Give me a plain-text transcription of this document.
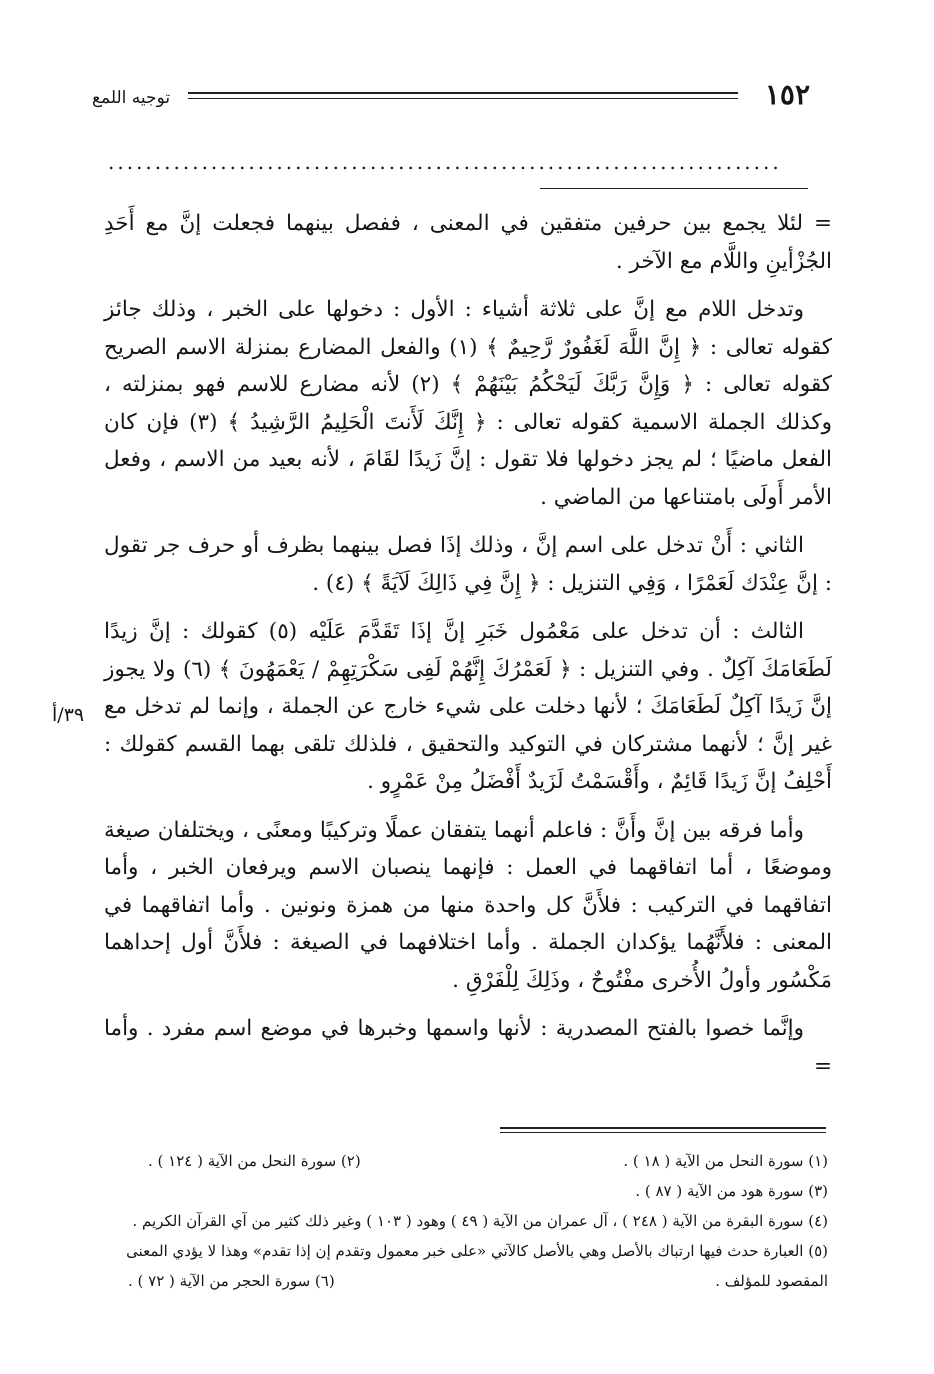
١٥٢
توجيه اللمع
........................................................................

= لئلا يجمع بين حرفين متفقين في المعنى ، ففصل بينهما فجعلت إنَّ مع أَحَدِ الجُزْأينِ واللَّام مع الآخر .

وتدخل اللام مع إنَّ على ثلاثة أشياء : الأول : دخولها على الخبر ، وذلك جائز كقوله تعالى : ﴿ إِنَّ اللَّهَ لَغَفُورٌ رَّحِيمٌ ﴾ (١) والفعل المضارع بمنزلة الاسم الصريح كقوله تعالى : ﴿ وَإِنَّ رَبَّكَ لَيَحْكُمُ بَيْنَهُمْ ﴾ (٢) لأنه مضارع للاسم فهو بمنزلته ، وكذلك الجملة الاسمية كقوله تعالى : ﴿ إِنَّكَ لَأَنتَ الْحَلِيمُ الرَّشِيدُ ﴾ (٣) فإن كان الفعل ماضيًا ؛ لم يجز دخولها فلا تقول : إنَّ زَيدًا لقَامَ ، لأنه بعيد من الاسم ، وفعل الأمر أَولَى بامتناعها من الماضي .

الثاني : أَنْ تدخل على اسم إنَّ ، وذلك إذَا فصل بينهما بظرف أو حرف جر تقول : إنَّ عِنْدَك لَعَمْرًا ، وَفِي التنزيل : ﴿ إِنَّ فِي ذَالِكَ لَآيَةً ﴾ (٤) .

الثالث : أن تدخل على مَعْمُول خَبَرِ إنَّ إذَا تَقَدَّمَ عَلَيْه (٥) كقولك : إنَّ زيدًا لَطَعَامَكَ آكِلٌ . وفي التنزيل : ﴿ لَعَمْرُكَ إِنَّهُمْ لَفِى سَكْرَتِهِمْ / يَعْمَهُونَ ﴾ (٦) ولا يجوز إنَّ زَيدًا آكِلٌ لَطَعَامَكَ ؛ لأنها دخلت على شيء خارج عن الجملة ، وإنما لم تدخل مع غير إنَّ ؛ لأنهما مشتركان في التوكيد والتحقيق ، فلذلك تلقى بهما القسم كقولك : أَحْلِفُ إنَّ زَيدًا قَائِمٌ ، وأَقْسَمْتُ لَزَيدٌ أَفْضَلُ مِنْ عَمْرٍو .

وأما فرقه بين إنَّ وأَنَّ : فاعلم أنهما يتفقان عملًا وتركيبًا ومعنًى ، ويختلفان صيغة وموضعًا ، أما اتفاقهما في العمل : فإنهما ينصبان الاسم ويرفعان الخبر ، وأما اتفاقهما في التركيب : فلأَنَّ كل واحدة منها من همزة ونونين . وأما اتفاقهما في المعنى : فلأَنَّهُما يؤكدان الجملة . وأما اختلافهما في الصيغة : فلأَنَّ أول إحداهما مَكْسُور وأولُ الأُخرى مفْتُوحٌ ، وذَلِكَ لِلْفَرْقِ .

وإنَّما خصوا بالفتح المصدرية : لأنها واسمها وخبرها في موضع اسم مفرد . وأما =

٣٩/أ
(١) سورة النحل من الآية ( ١٨ ) .
(٢) سورة النحل من الآية ( ١٢٤ ) .
(٣) سورة هود من الآية ( ٨٧ ) .
(٤) سورة البقرة من الآية ( ٢٤٨ ) ، آل عمران من الآية ( ٤٩ ) وهود ( ١٠٣ ) وغير ذلك كثير من آي القرآن الكريم .
(٥) العبارة حدث فيها ارتباك بالأصل وهي بالأصل كالآتي «على خبر معمول وتقدم إن إذا تقدم» وهذا لا يؤدي المعنى المقصود للمؤلف .
(٦) سورة الحجر من الآية ( ٧٢ ) .
